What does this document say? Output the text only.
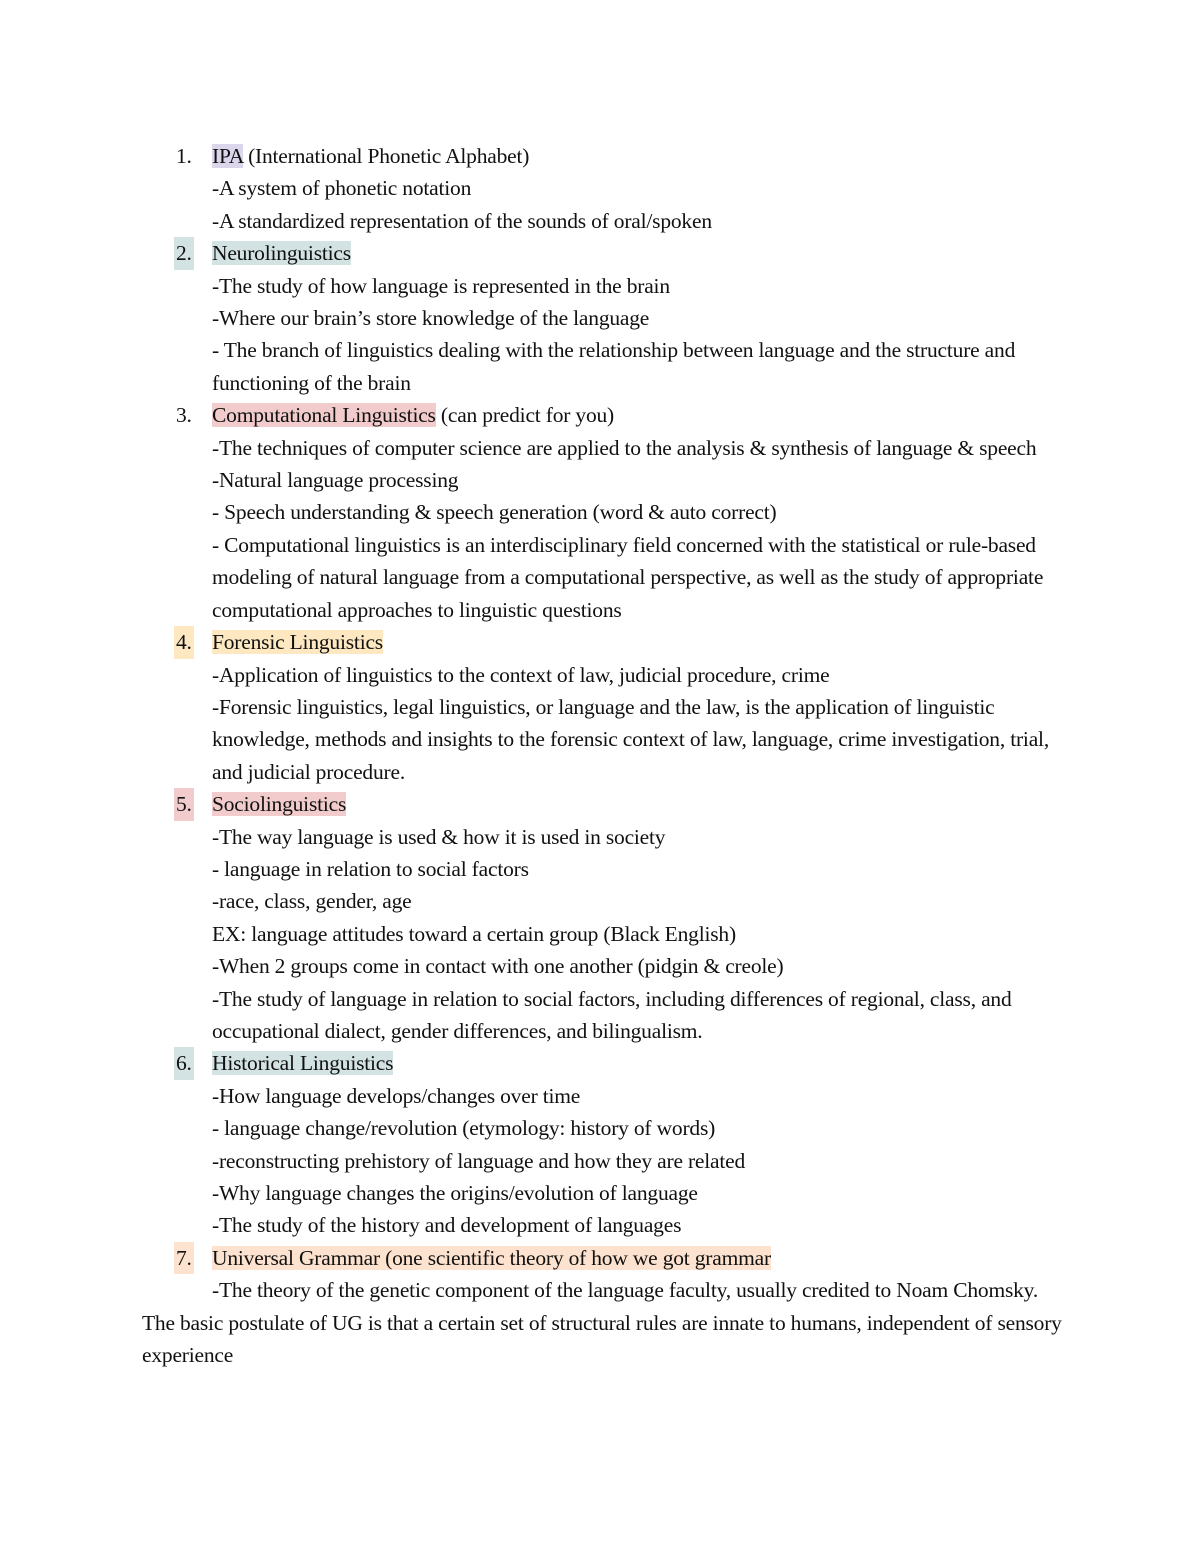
1. IPA (International Phonetic Alphabet)
-A system of phonetic notation
-A standardized representation of the sounds of oral/spoken
2. Neurolinguistics
-The study of how language is represented in the brain
-Where our brain’s store knowledge of the language
- The branch of linguistics dealing with the relationship between language and the structure and functioning of the brain
3. Computational Linguistics (can predict for you)
-The techniques of computer science are applied to the analysis & synthesis of language & speech
-Natural language processing
- Speech understanding & speech generation (word & auto correct)
- Computational linguistics is an interdisciplinary field concerned with the statistical or rule-based modeling of natural language from a computational perspective, as well as the study of appropriate computational approaches to linguistic questions
4. Forensic Linguistics
-Application of linguistics to the context of law, judicial procedure, crime
-Forensic linguistics, legal linguistics, or language and the law, is the application of linguistic knowledge, methods and insights to the forensic context of law, language, crime investigation, trial, and judicial procedure.
5. Sociolinguistics
-The way language is used & how it is used in society
- language in relation to social factors
-race, class, gender, age
EX: language attitudes toward a certain group (Black English)
-When 2 groups come in contact with one another (pidgin & creole)
-The study of language in relation to social factors, including differences of regional, class, and occupational dialect, gender differences, and bilingualism.
6. Historical Linguistics
-How language develops/changes over time
- language change/revolution (etymology: history of words)
-reconstructing prehistory of language and how they are related
-Why language changes the origins/evolution of language
-The study of the history and development of languages
7. Universal Grammar (one scientific theory of how we got grammar
-The theory of the genetic component of the language faculty, usually credited to Noam Chomsky. The basic postulate of UG is that a certain set of structural rules are innate to humans, independent of sensory experience
